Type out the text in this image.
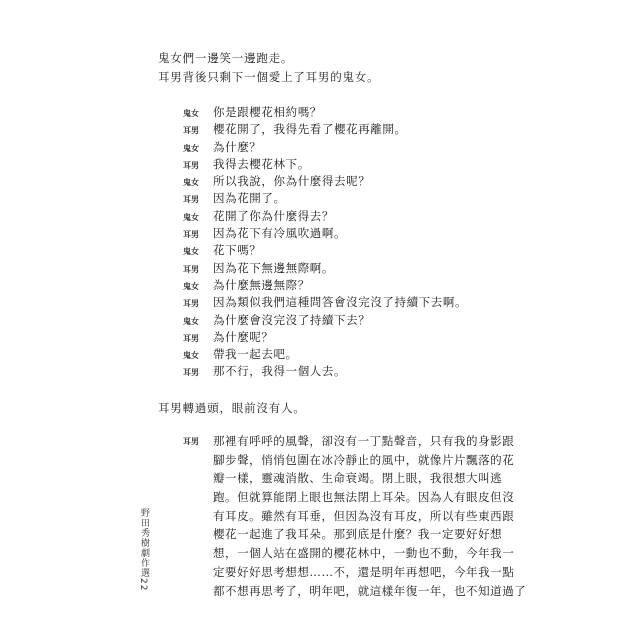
鬼女們一邊笑一邊跑走。
耳男背後只剩下一個愛上了耳男的鬼女。
鬼女	你是跟櫻花相約嗎？
耳男	櫻花開了，我得先看了櫻花再離開。
鬼女	為什麼？
耳男	我得去櫻花林下。
鬼女	所以我說，你為什麼得去呢？
耳男	因為花開了。
鬼女	花開了你為什麼得去？
耳男	因為花下有冷風吹過啊。
鬼女	花下嗎？
耳男	因為花下無邊無際啊。
鬼女	為什麼無邊無際？
耳男	因為類似我們這種問答會沒完沒了持續下去啊。
鬼女	為什麼會沒完沒了持續下去？
耳男	為什麼呢？
鬼女	帶我一起去吧。
耳男	那不行，我得一個人去。
耳男轉過頭，眼前沒有人。
耳男 那裡有呼呼的風聲，卻沒有一丁點聲音，只有我的身影跟
腳步聲，悄悄包圍在冰冷靜止的風中，就像片片飄落的花
瓣一樣，靈魂消散、生命衰竭。閉上眼，我很想大叫逃
跑。但就算能閉上眼也無法閉上耳朵。因為人有眼皮但沒
有耳皮。雖然有耳垂，但因為沒有耳皮，所以有些東西跟
櫻花一起進了我耳朵。那到底是什麼？我一定要好好想
想，一個人站在盛開的櫻花林中，一動也不動，今年我一
定要好好思考想想……不，還是明年再想吧，今年我一點
都不想再思考了，明年吧，就這樣年復一年，也不知道過了
野田秀樹劇作選
22
